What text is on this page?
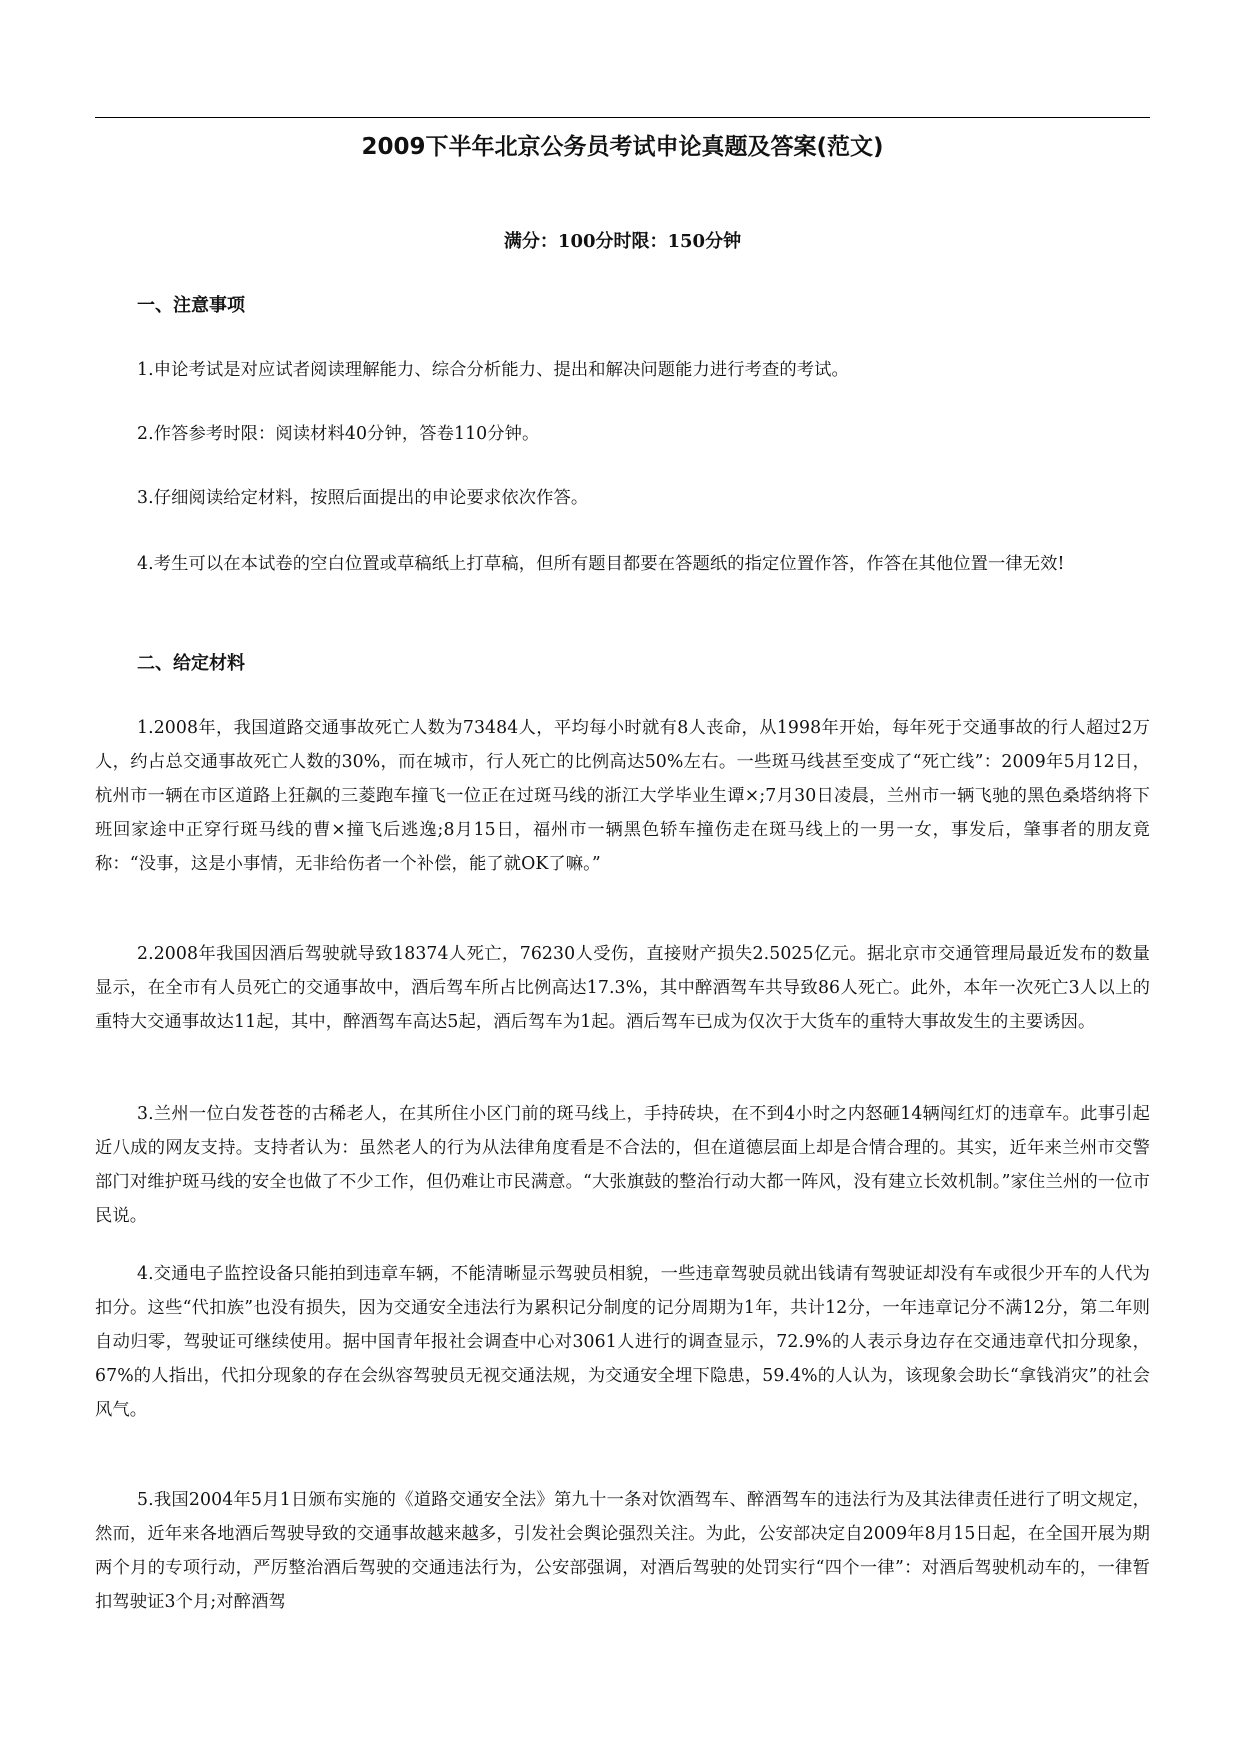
2009下半年北京公务员考试申论真题及答案(范文)

满分：100分时限：150分钟

一、注意事项

1.申论考试是对应试者阅读理解能力、综合分析能力、提出和解决问题能力进行考查的考试。

2.作答参考时限：阅读材料40分钟，答卷110分钟。

3.仔细阅读给定材料，按照后面提出的申论要求依次作答。

4.考生可以在本试卷的空白位置或草稿纸上打草稿，但所有题目都要在答题纸的指定位置作答，作答在其他位置一律无效!

二、给定材料

1.2008年，我国道路交通事故死亡人数为73484人，平均每小时就有8人丧命，从1998年开始，每年死于交通事故的行人超过2万人，约占总交通事故死亡人数的30%，而在城市，行人死亡的比例高达50%左右。一些斑马线甚至变成了“死亡线”：2009年5月12日，杭州市一辆在市区道路上狂飙的三菱跑车撞飞一位正在过斑马线的浙江大学毕业生谭×;7月30日凌晨，兰州市一辆飞驰的黑色桑塔纳将下班回家途中正穿行斑马线的曹×撞飞后逃逸;8月15日，福州市一辆黑色轿车撞伤走在斑马线上的一男一女，事发后，肇事者的朋友竟称：“没事，这是小事情，无非给伤者一个补偿，能了就OK了嘛。”

2.2008年我国因酒后驾驶就导致18374人死亡，76230人受伤，直接财产损失2.5025亿元。据北京市交通管理局最近发布的数量显示，在全市有人员死亡的交通事故中，酒后驾车所占比例高达17.3%，其中醉酒驾车共导致86人死亡。此外，本年一次死亡3人以上的重特大交通事故达11起，其中，醉酒驾车高达5起，酒后驾车为1起。酒后驾车已成为仅次于大货车的重特大事故发生的主要诱因。

3.兰州一位白发苍苍的古稀老人，在其所住小区门前的斑马线上，手持砖块，在不到4小时之内怒砸14辆闯红灯的违章车。此事引起近八成的网友支持。支持者认为：虽然老人的行为从法律角度看是不合法的，但在道德层面上却是合情合理的。其实，近年来兰州市交警部门对维护斑马线的安全也做了不少工作，但仍难让市民满意。“大张旗鼓的整治行动大都一阵风，没有建立长效机制。”家住兰州的一位市民说。

4.交通电子监控设备只能拍到违章车辆，不能清晰显示驾驶员相貌，一些违章驾驶员就出钱请有驾驶证却没有车或很少开车的人代为扣分。这些“代扣族”也没有损失，因为交通安全违法行为累积记分制度的记分周期为1年，共计12分，一年违章记分不满12分，第二年则自动归零，驾驶证可继续使用。据中国青年报社会调查中心对3061人进行的调查显示，72.9%的人表示身边存在交通违章代扣分现象，67%的人指出，代扣分现象的存在会纵容驾驶员无视交通法规，为交通安全埋下隐患，59.4%的人认为，该现象会助长“拿钱消灾”的社会风气。

5.我国2004年5月1日颁布实施的《道路交通安全法》第九十一条对饮酒驾车、醉酒驾车的违法行为及其法律责任进行了明文规定，然而，近年来各地酒后驾驶导致的交通事故越来越多，引发社会舆论强烈关注。为此，公安部决定自2009年8月15日起，在全国开展为期两个月的专项行动，严厉整治酒后驾驶的交通违法行为，公安部强调，对酒后驾驶的处罚实行“四个一律”：对酒后驾驶机动车的，一律暂扣驾驶证3个月;对醉酒驾
